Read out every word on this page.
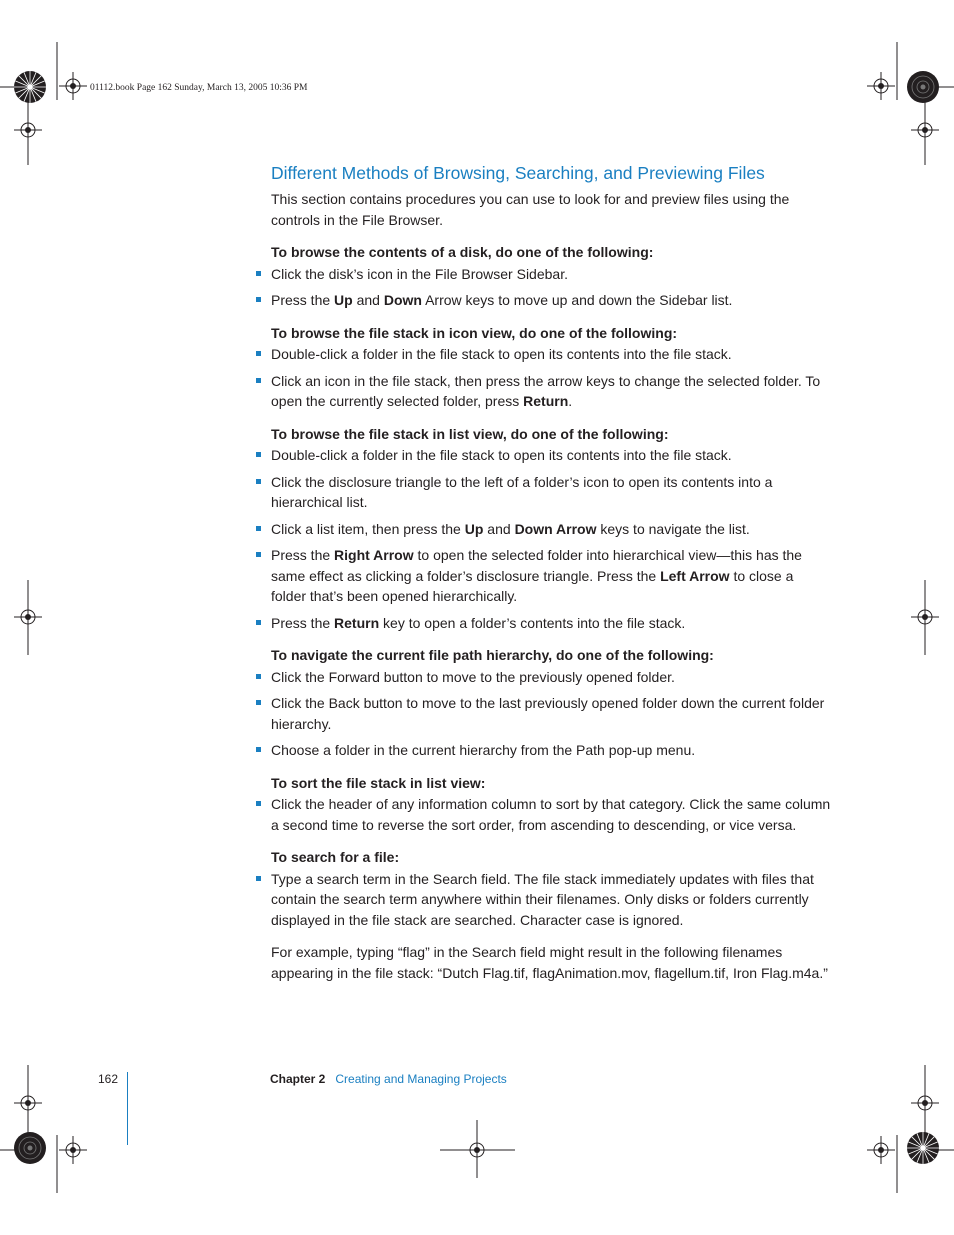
01112.book Page 162 Sunday, March 13, 2005 10:36 PM
Different Methods of Browsing, Searching, and Previewing Files

This section contains procedures you can use to look for and preview files using the controls in the File Browser.

To browse the contents of a disk, do one of the following:

Click the disk’s icon in the File Browser Sidebar.
Press the Up and Down Arrow keys to move up and down the Sidebar list.

To browse the file stack in icon view, do one of the following:

Double-click a folder in the file stack to open its contents into the file stack.
Click an icon in the file stack, then press the arrow keys to change the selected folder. To open the currently selected folder, press Return.

To browse the file stack in list view, do one of the following:

Double-click a folder in the file stack to open its contents into the file stack.
Click the disclosure triangle to the left of a folder’s icon to open its contents into a hierarchical list.
Click a list item, then press the Up and Down Arrow keys to navigate the list.
Press the Right Arrow to open the selected folder into hierarchical view—this has the same effect as clicking a folder’s disclosure triangle. Press the Left Arrow to close a folder that’s been opened hierarchically.
Press the Return key to open a folder’s contents into the file stack.

To navigate the current file path hierarchy, do one of the following:

Click the Forward button to move to the previously opened folder.
Click the Back button to move to the last previously opened folder down the current folder hierarchy.
Choose a folder in the current hierarchy from the Path pop-up menu.

To sort the file stack in list view:

Click the header of any information column to sort by that category. Click the same column a second time to reverse the sort order, from ascending to descending, or vice versa.

To search for a file:

Type a search term in the Search field. The file stack immediately updates with files that contain the search term anywhere within their filenames. Only disks or folders currently displayed in the file stack are searched. Character case is ignored.

For example, typing “flag” in the Search field might result in the following filenames appearing in the file stack: “Dutch Flag.tif, flagAnimation.mov, flagellum.tif, Iron Flag.m4a.”

162	Chapter 2 Creating and Managing Projects
